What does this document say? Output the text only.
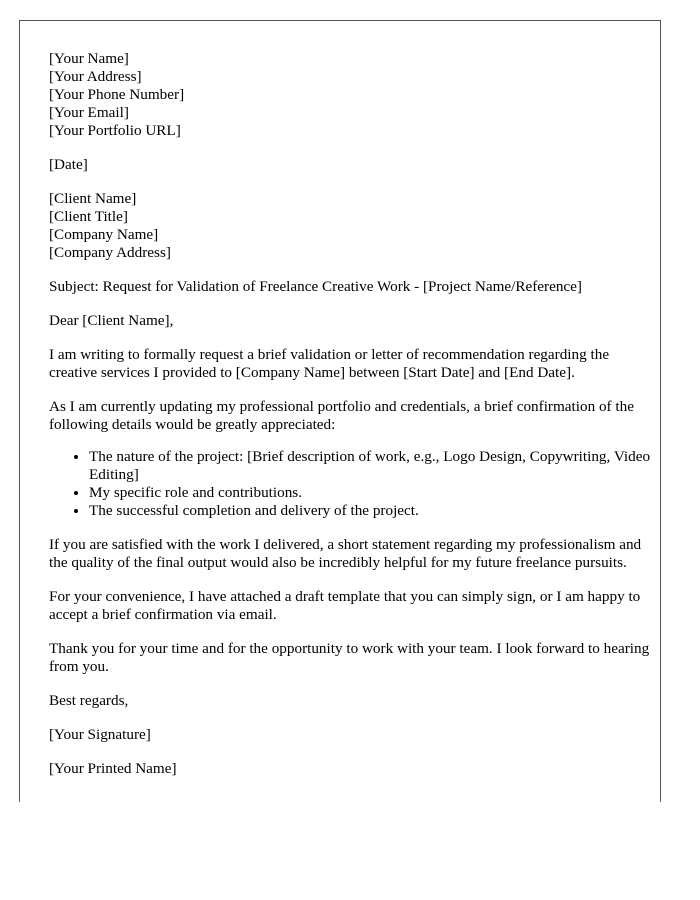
[Your Name]
[Your Address]
[Your Phone Number]
[Your Email]
[Your Portfolio URL]

[Date]

[Client Name]
[Client Title]
[Company Name]
[Company Address]

Subject: Request for Validation of Freelance Creative Work - [Project Name/Reference]

Dear [Client Name],

I am writing to formally request a brief validation or letter of recommendation regarding the creative services I provided to [Company Name] between [Start Date] and [End Date].

As I am currently updating my professional portfolio and credentials, a brief confirmation of the following details would be greatly appreciated:

• The nature of the project: [Brief description of work, e.g., Logo Design, Copywriting, Video Editing]
• My specific role and contributions.
• The successful completion and delivery of the project.

If you are satisfied with the work I delivered, a short statement regarding my professionalism and the quality of the final output would also be incredibly helpful for my future freelance pursuits.

For your convenience, I have attached a draft template that you can simply sign, or I am happy to accept a brief confirmation via email.

Thank you for your time and for the opportunity to work with your team. I look forward to hearing from you.

Best regards,

[Your Signature]

[Your Printed Name]
